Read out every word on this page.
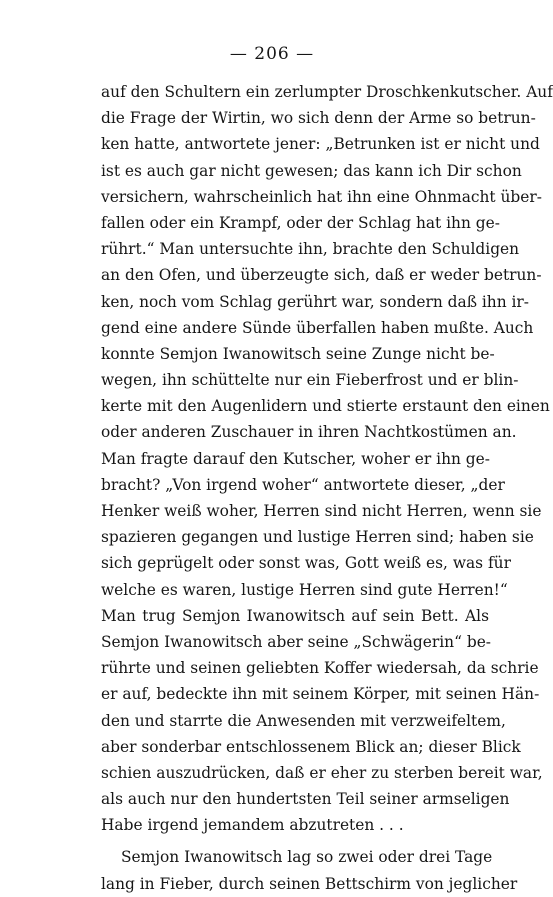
— 206 —
auf den Schultern ein zerlumpter Droschkenkutscher. Auf
die Frage der Wirtin, wo sich denn der Arme so betrun-
ken hatte, antwortete jener: „Betrunken ist er nicht und
ist es auch gar nicht gewesen; das kann ich Dir schon
versichern, wahrscheinlich hat ihn eine Ohnmacht über-
fallen oder ein Krampf, oder der Schlag hat ihn ge-
rührt.“ Man untersuchte ihn, brachte den Schuldigen
an den Ofen, und überzeugte sich, daß er weder betrun-
ken, noch vom Schlag gerührt war, sondern daß ihn ir-
gend eine andere Sünde überfallen haben mußte. Auch
konnte Semjon Iwanowitsch seine Zunge nicht be-
wegen, ihn schüttelte nur ein Fieberfrost und er blin-
kerte mit den Augenlidern und stierte erstaunt den einen
oder anderen Zuschauer in ihren Nachtkostümen an.
Man fragte darauf den Kutscher, woher er ihn ge-
bracht? „Von irgend woher“ antwortete dieser, „der
Henker weiß woher, Herren sind nicht Herren, wenn sie
spazieren gegangen und lustige Herren sind; haben sie
sich geprügelt oder sonst was, Gott weiß es, was für
welche es waren, lustige Herren sind gute Herren!“
Man trug Semjon Iwanowitsch auf sein Bett. Als
Semjon Iwanowitsch aber seine „Schwägerin“ be-
rührte und seinen geliebten Koffer wiedersah, da schrie
er auf, bedeckte ihn mit seinem Körper, mit seinen Hän-
den und starrte die Anwesenden mit verzweifeltem,
aber sonderbar entschlossenem Blick an; dieser Blick
schien auszudrücken, daß er eher zu sterben bereit war,
als auch nur den hundertsten Teil seiner armseligen
Habe irgend jemandem abzutreten . . .
Semjon Iwanowitsch lag so zwei oder drei Tage
lang in Fieber, durch seinen Bettschirm von jeglicher
